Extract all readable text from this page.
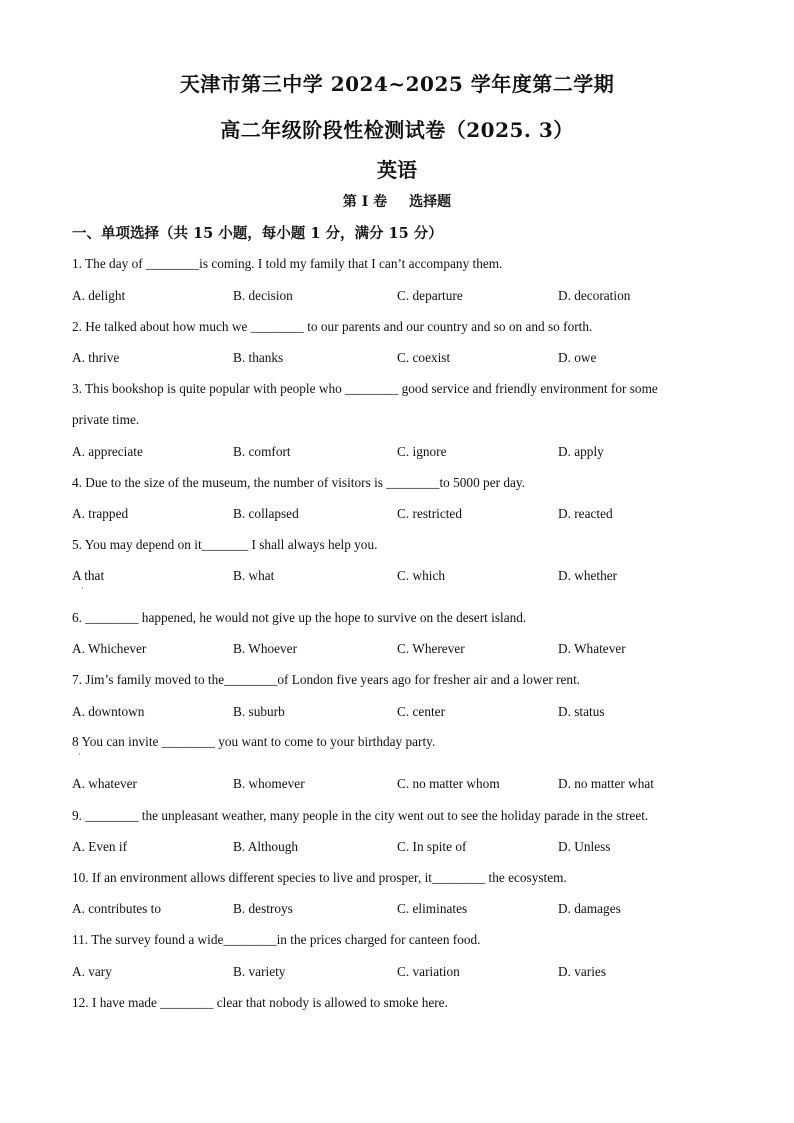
天津市第三中学 2024~2025 学年度第二学期
高二年级阶段性检测试卷（2025. 3）
英语
第 I 卷 选择题
一、单项选择（共 15 小题，每小题 1 分，满分 15 分）
1. The day of ________is coming. I told my family that I can’t accompany them.
A. delight	B. decision	C. departure	D. decoration
2. He talked about how much we ________ to our parents and our country and so on and so forth.
A. thrive	B. thanks	C. coexist	D. owe
3. This bookshop is quite popular with people who ________ good service and friendly environment for some
private time.
A. appreciate	B. comfort	C. ignore	D. apply
4. Due to the size of the museum, the number of visitors is ________to 5000 per day.
A. trapped	B. collapsed	C. restricted	D. reacted
5. You may depend on it_______ I shall always help you.
A that	B. what	C. which	D. whether
·
6. ________ happened, he would not give up the hope to survive on the desert island.
A. Whichever	B. Whoever	C. Wherever	D. Whatever
7. Jim’s family moved to the________of London five years ago for fresher air and a lower rent.
A. downtown	B. suburb	C. center	D. status
8 You can invite ________ you want to come to your birthday party.
·
A. whatever	B. whomever	C. no matter whom	D. no matter what
9. ________ the unpleasant weather, many people in the city went out to see the holiday parade in the street.
A. Even if	B. Although	C. In spite of	D. Unless
10. If an environment allows different species to live and prosper, it________ the ecosystem.
A. contributes to	B. destroys	C. eliminates	D. damages
11. The survey found a wide________in the prices charged for canteen food.
A. vary	B. variety	C. variation	D. varies
12. I have made ________ clear that nobody is allowed to smoke here.
